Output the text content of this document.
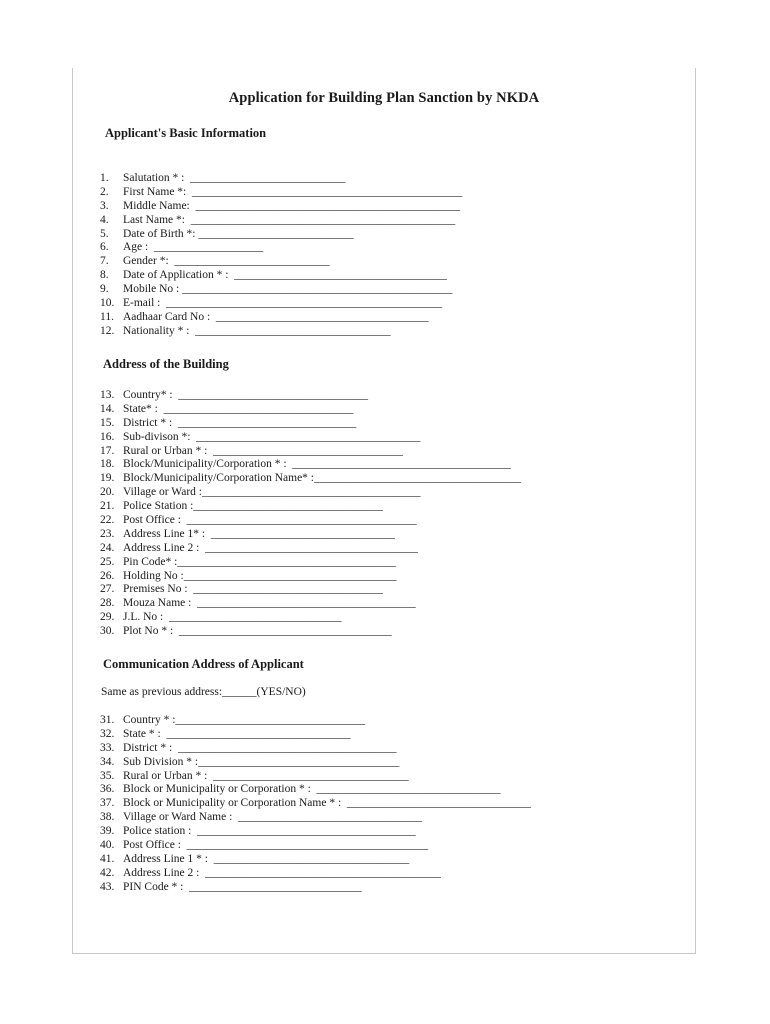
Application for Building Plan Sanction by NKDA
Applicant's Basic Information
1. Salutation * :  ___________________________
2. First Name *:  _______________________________________________
3. Middle Name:  ______________________________________________
4. Last Name *:  ______________________________________________
5. Date of Birth *: ___________________________
6. Age :  ___________________
7. Gender *:  ___________________________
8. Date of Application * :  _____________________________________
9. Mobile No : _______________________________________________
10. E-mail :  ________________________________________________
11. Aadhaar Card No :  _____________________________________
12. Nationality * :  __________________________________
Address of the Building
13. Country* :  _________________________________
14. State* :  _________________________________
15. District * :  _______________________________
16. Sub-divison *:  _______________________________________
17. Rural or Urban * :  _________________________________
18. Block/Municipality/Corporation * :  ______________________________________
19. Block/Municipality/Corporation Name* :____________________________________
20. Village or Ward :______________________________________
21. Police Station :_________________________________
22. Post Office :  ________________________________________
23. Address Line 1* :  ________________________________
24. Address Line 2 :  _____________________________________
25. Pin Code* :______________________________________
26. Holding No :_____________________________________
27. Premises No :  _________________________________
28. Mouza Name :  ______________________________________
29. J.L. No :  ______________________________
30. Plot No * :  _____________________________________
Communication Address of Applicant
Same as previous address:______(YES/NO)
31. Country * :_________________________________
32. State * :  ________________________________
33. District * :  ______________________________________
34. Sub Division * :___________________________________
35. Rural or Urban * :  __________________________________
36. Block or Municipality or Corporation * :  ________________________________
37. Block or Municipality or Corporation Name * :  ________________________________
38. Village or Ward Name :  ________________________________
39. Police station :  ______________________________________
40. Post Office :  __________________________________________
41. Address Line 1 * :  __________________________________
42. Address Line 2 :  _________________________________________
43. PIN Code * :  ______________________________
